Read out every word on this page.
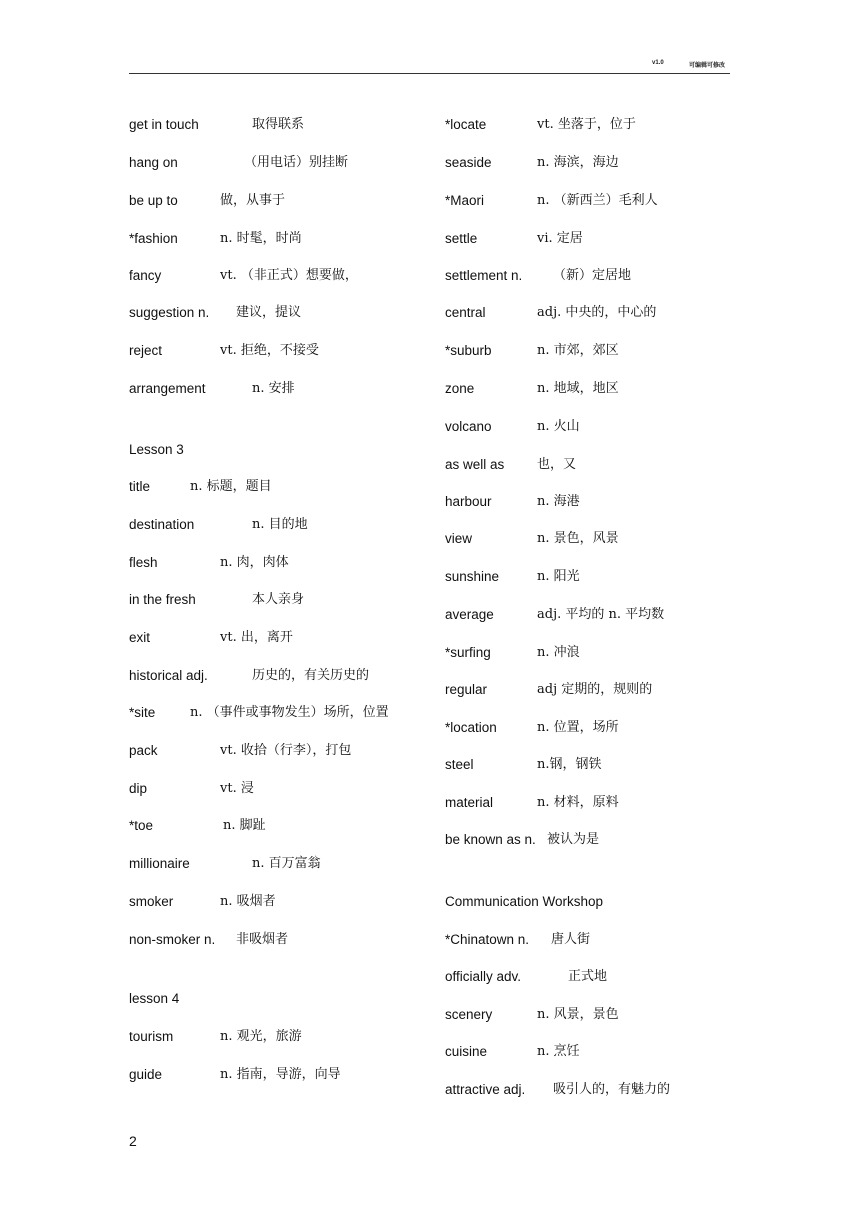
v1.0	可编辑可修改
get in touch	取得联系
hang on	（用电话）别挂断
be up to	做，从事于
*fashion	n. 时髦，时尚
fancy	vt. （非正式）想要做，
suggestion n. 建议，提议
reject	vt. 拒绝，不接受
arrangement	n. 安排
Lesson 3
title	n. 标题，题目
destination	n. 目的地
flesh	n. 肉，肉体
in the fresh	本人亲身
exit	vt. 出，离开
historical adj.	历史的，有关历史的
*site	n. （事件或事物发生）场所，位置
pack	vt. 收拾（行李），打包
dip	vt. 浸
*toe	n. 脚趾
millionaire	n. 百万富翁
smoker	n. 吸烟者
non-smoker n. 非吸烟者
lesson 4
tourism	n. 观光，旅游
guide	n. 指南，导游，向导
*locate	vt. 坐落于，位于
seaside	n. 海滨，海边
*Maori	n. （新西兰）毛利人
settle	vi. 定居
settlement n. （新）定居地
central	adj. 中央的，中心的
*suburb	n. 市郊，郊区
zone	n. 地域，地区
volcano	n. 火山
as well as	也，又
harbour	n. 海港
view	n. 景色，风景
sunshine	n. 阳光
average	adj. 平均的 n. 平均数
*surfing	n. 冲浪
regular	adj 定期的，规则的
*location	n. 位置，场所
steel	n.钢，钢铁
material	n. 材料，原料
be known as n. 被认为是
Communication Workshop
*Chinatown n. 唐人街
officially adv.	正式地
scenery	n. 风景，景色
cuisine	n. 烹饪
attractive adj. 吸引人的，有魅力的
2
